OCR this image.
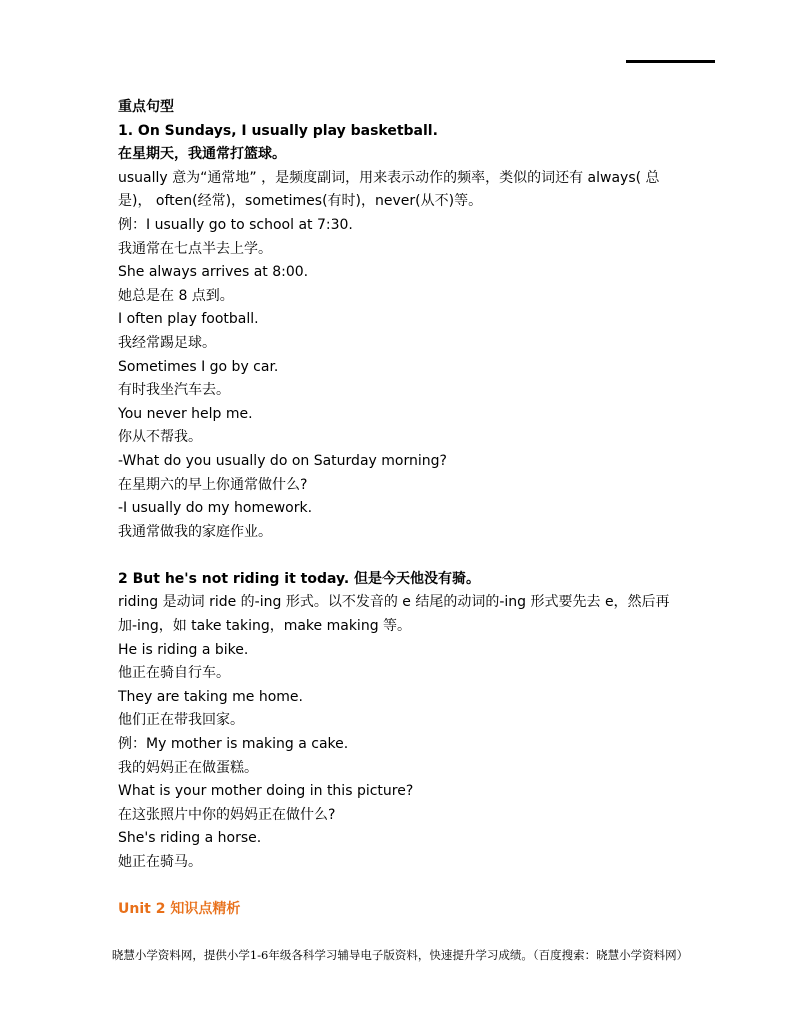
重点句型
1. On Sundays, I usually play basketball.
在星期天，我通常打篮球。
usually 意为“通常地” ，是频度副词，用来表示动作的频率，类似的词还有 always( 总
是)， often(经常)，sometimes(有时)，never(从不)等。
例：I usually go to school at 7:30.
我通常在七点半去上学。
She always arrives at 8:00.
她总是在 8 点到。
I often play football.
我经常踢足球。
Sometimes I go by car.
有时我坐汽车去。
You never help me.
你从不帮我。
-What do you usually do on Saturday morning?
在星期六的早上你通常做什么?
-I usually do my homework.
我通常做我的家庭作业。
2 But he's not riding it today. 但是今天他没有骑。
riding 是动词 ride 的-ing 形式。以不发音的 e 结尾的动词的-ing 形式要先去 e，然后再
加-ing，如 take taking，make making 等。
He is riding a bike.
他正在骑自行车。
They are taking me home.
他们正在带我回家。
例：My mother is making a cake.
我的妈妈正在做蛋糕。
What is your mother doing in this picture?
在这张照片中你的妈妈正在做什么?
She's riding a horse.
她正在骑马。
Unit 2 知识点精析
晓慧小学资料网，提供小学1-6年级各科学习辅导电子版资料，快速提升学习成绩。（百度搜索：晓慧小学资料网）
